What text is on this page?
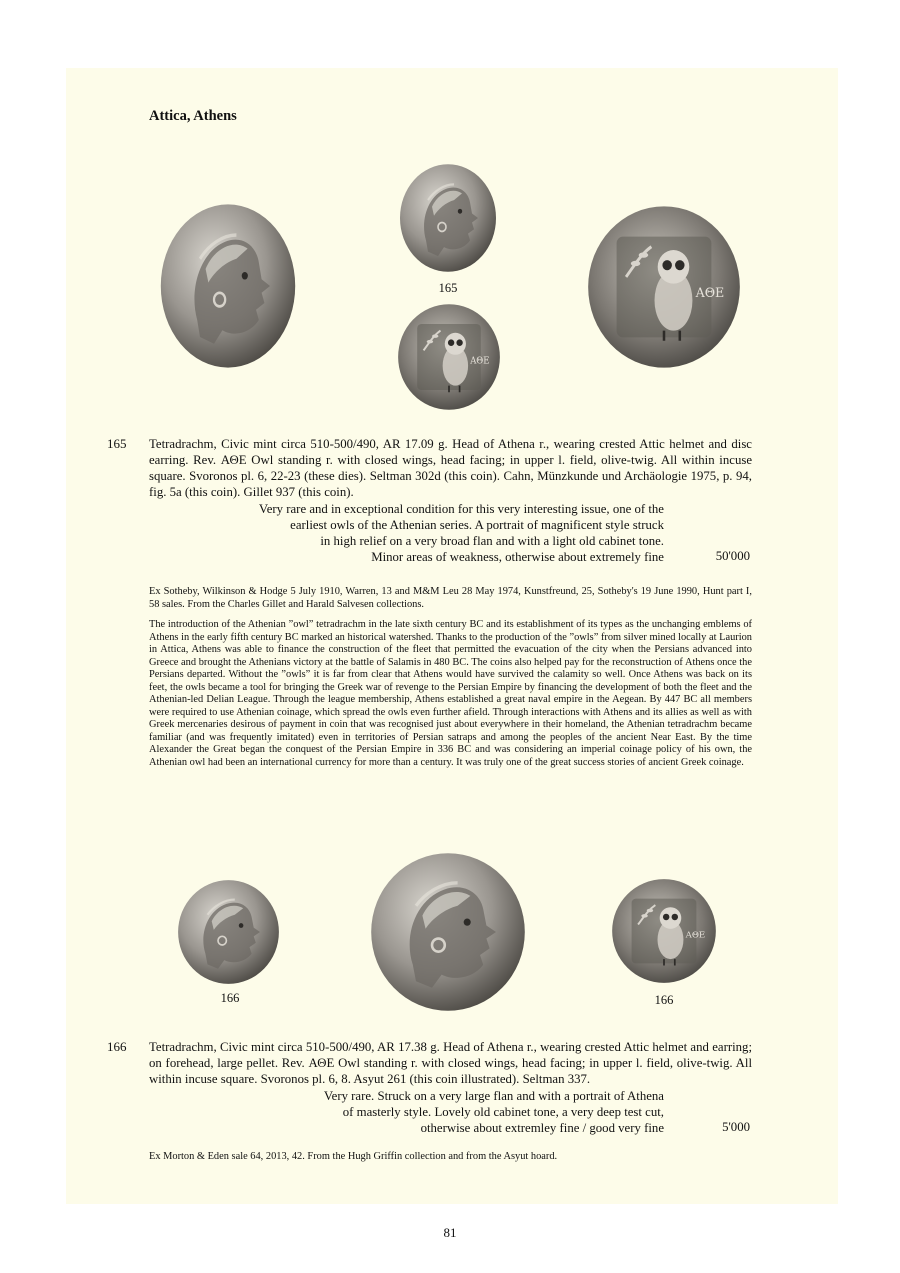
Attica, Athens
165
165 Tetradrachm, Civic mint circa 510-500/490, AR 17.09 g. Head of Athena r., wearing crested Attic helmet and disc earring. Rev. ΑΘΕ Owl standing r. with closed wings, head facing; in upper l. field, olive-twig. All within incuse square. Svoronos pl. 6, 22-23 (these dies). Seltman 302d (this coin). Cahn, Münzkunde und Archäologie 1975, p. 94, fig. 5a (this coin). Gillet 937 (this coin).
Very rare and in exceptional condition for this very interesting issue, one of the
earliest owls of the Athenian series. A portrait of magnificent style struck
in high relief on a very broad flan and with a light old cabinet tone.
Minor areas of weakness, otherwise about extremely fine	50'000
Ex Sotheby, Wilkinson & Hodge 5 July 1910, Warren, 13 and M&M Leu 28 May 1974, Kunstfreund, 25, Sotheby's 19 June 1990, Hunt part I, 58 sales. From the Charles Gillet and Harald Salvesen collections.
The introduction of the Athenian ”owl” tetradrachm in the late sixth century BC and its establishment of its types as the unchanging emblems of Athens in the early fifth century BC marked an historical watershed. Thanks to the production of the ”owls” from silver mined locally at Laurion in Attica, Athens was able to finance the construction of the fleet that permitted the evacuation of the city when the Persians advanced into Greece and brought the Athenians victory at the battle of Salamis in 480 BC. The coins also helped pay for the reconstruction of Athens once the Persians departed. Without the ”owls” it is far from clear that Athens would have survived the calamity so well. Once Athens was back on its feet, the owls became a tool for bringing the Greek war of revenge to the Persian Empire by financing the development of both the fleet and the Athenian-led Delian League. Through the league membership, Athens established a great naval empire in the Aegean. By 447 BC all members were required to use Athenian coinage, which spread the owls even further afield. Through interactions with Athens and its allies as well as with Greek mercenaries desirous of payment in coin that was recognised just about everywhere in their homeland, the Athenian tetradrachm became familiar (and was frequently imitated) even in territories of Persian satraps and among the peoples of the ancient Near East. By the time Alexander the Great began the conquest of the Persian Empire in 336 BC and was considering an imperial coinage policy of his own, the Athenian owl had been an international currency for more than a century. It was truly one of the great success stories of ancient Greek coinage.
166	166
166 Tetradrachm, Civic mint circa 510-500/490, AR 17.38 g. Head of Athena r., wearing crested Attic helmet and earring; on forehead, large pellet. Rev. ΑΘΕ Owl standing r. with closed wings, head facing; in upper l. field, olive-twig. All within incuse square. Svoronos pl. 6, 8. Asyut 261 (this coin illustrated). Seltman 337.
Very rare. Struck on a very large flan and with a portrait of Athena
of masterly style. Lovely old cabinet tone, a very deep test cut,
otherwise about extremley fine / good very fine	5'000
Ex Morton & Eden sale 64, 2013, 42. From the Hugh Griffin collection and from the Asyut hoard.
81
